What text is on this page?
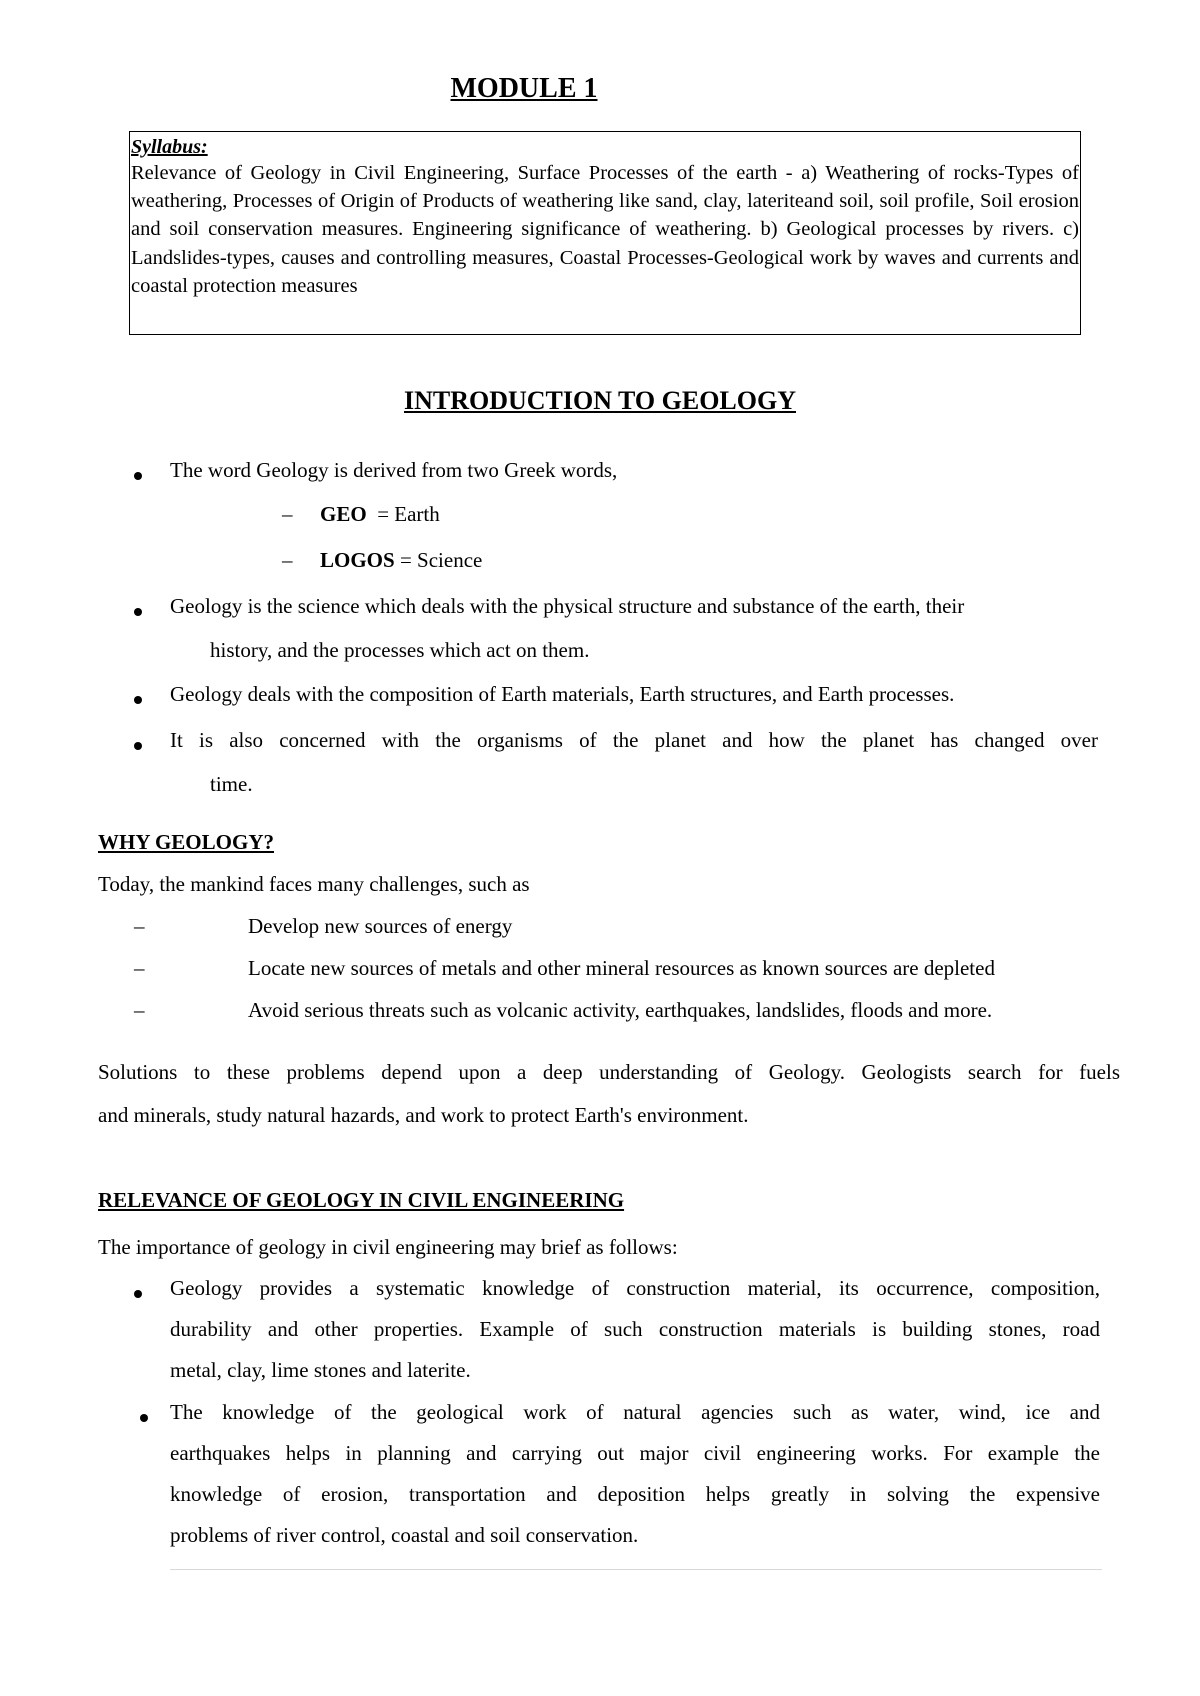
MODULE 1
Syllabus:
Relevance of Geology in Civil Engineering, Surface Processes of the earth - a) Weathering of rocks-Types of weathering, Processes of Origin of Products of weathering like sand, clay, lateriteand soil, soil profile, Soil erosion and soil conservation measures. Engineering significance of weathering. b) Geological processes by rivers. c) Landslides-types, causes and controlling measures, Coastal Processes-Geological work by waves and currents and coastal protection measures
INTRODUCTION TO GEOLOGY
The word Geology is derived from two Greek words,
– GEO = Earth
– LOGOS = Science
Geology is the science which deals with the physical structure and substance of the earth, their
history, and the processes which act on them.
Geology deals with the composition of Earth materials, Earth structures, and Earth processes.
It is also concerned with the organisms of the planet and how the planet has changed over
time.
WHY GEOLOGY?
Today, the mankind faces many challenges, such as
–	Develop new sources of energy
–	Locate new sources of metals and other mineral resources as known sources are depleted
–	Avoid serious threats such as volcanic activity, earthquakes, landslides, floods and more.
Solutions to these problems depend upon a deep understanding of Geology. Geologists search for fuels
and minerals, study natural hazards, and work to protect Earth's environment.
RELEVANCE OF GEOLOGY IN CIVIL ENGINEERING
The importance of geology in civil engineering may brief as follows:
Geology provides a systematic knowledge of construction material, its occurrence, composition,
durability and other properties. Example of such construction materials is building stones, road
metal, clay, lime stones and laterite.
The knowledge of the geological work of natural agencies such as water, wind, ice and
earthquakes helps in planning and carrying out major civil engineering works. For example the
knowledge of erosion, transportation and deposition helps greatly in solving the expensive
problems of river control, coastal and soil conservation.
